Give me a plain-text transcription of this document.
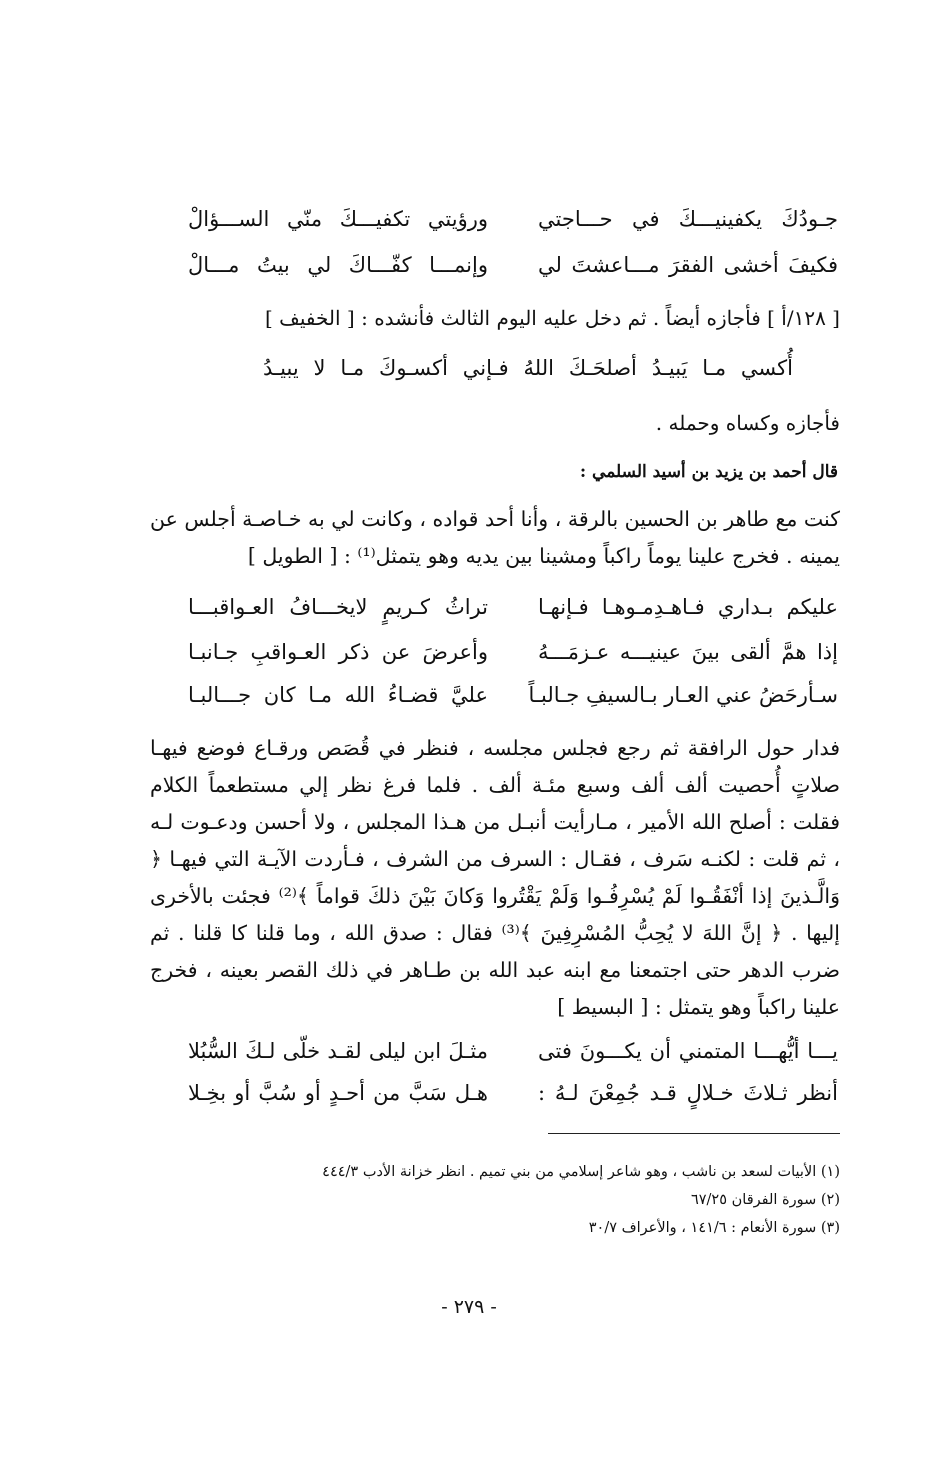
جـودُكَ يكفينيـــكَ في حـــاجتي
ورؤيتي تكفيـــكَ منّي الســـؤالْ
فكيفَ أخشى الفقرَ مـــاعشتَ لي
وإنمـــا كفّـــاكَ لي بيتُ مـــالْ
[ ١٢٨/أ ] فأجازه أيضاً . ثم دخل عليه اليوم الثالث فأنشده : [ الخفيف ]
أُكسي مـا يَبيـدُ أصلحَـكَ اللهُ فـإني أكسـوكَ مـا لا يبيـدُ
فأجازه وكساه وحمله .
قال أحمد بن يزيد بن أسيد السلمي :
كنت مع طاهر بن الحسين بالرقة ، وأنا أحد قواده ، وكانت لي به خـاصـة أجلس عن يمينه . فخرج علينا يوماً راكباً ومشينا بين يديه وهو يتمثل⁽¹⁾ : [ الطويل ]
عليكم بـداري فـاهـدِمـوهـا فـإنهـا
تراثُ كـريمٍ لايخـــافُ العـواقبـــا
إذا همَّ ألقى بينَ عينيـــه عـزمَـــهُ
وأعرضَ عن ذكر العـواقبِ جـانبـا
سـأرحَضُ عني العـار بـالسيفِ جـالبـاً
عليَّ قضـاءُ الله مـا كان جـــالبـا
فدار حول الرافقة ثم رجع فجلس مجلسه ، فنظر في قُصَص ورقـاع فوضع فيهـا صلاتٍ أُحصيت ألف ألف وسبع مئـة ألف . فلما فرغ نظر إلي مستطعماً الكلام فقلت : أصلح الله الأمير ، مـارأيت أنبـل من هـذا المجلس ، ولا أحسن ودعـوت لـه ، ثم قلت : لكنـه سَرف ، فقـال : السرف من الشرف ، فـأردت الآيـة التي فيهـا ﴿ وَالَّـذينَ إذا أنْفَقُـوا لَمْ يُسْرِفُـوا وَلَمْ يَقْتُروا وَكانَ بَيْنَ ذلكَ قواماً ﴾⁽²⁾ فجئت بالأخرى إليها . ﴿ إنَّ اللهَ لا يُحِبُّ المُسْرِفِينَ ﴾⁽³⁾ فقال : صدق الله ، وما قلنا كا قلنا . ثم ضرب الدهر حتى اجتمعنا مع ابنه عبد الله بن طـاهر في ذلك القصر بعينه ، فخرج علينا راكباً وهو يتمثل : [ البسيط ]
يـــا أيُّهـــا المتمني أن يكـــونَ فتى
مثـلَ ابن ليلى لقـد خلّى لـكَ السُّبُلا
أنظر ثـلاثَ خـلالٍ قـد جُمِعْنَ لـهُ :
هـل سَبَّ من أحـدٍ أو سُبَّ أو بخِـلا
(١) الأبيات لسعد بن ناشب ، وهو شاعر إسلامي من بني تميم . انظر خزانة الأدب ٤٤٤/٣
(٢) سورة الفرقان ٦٧/٢٥
(٣) سورة الأنعام : ١٤١/٦ ، والأعراف ٣٠/٧
- ٢٧٩ -
